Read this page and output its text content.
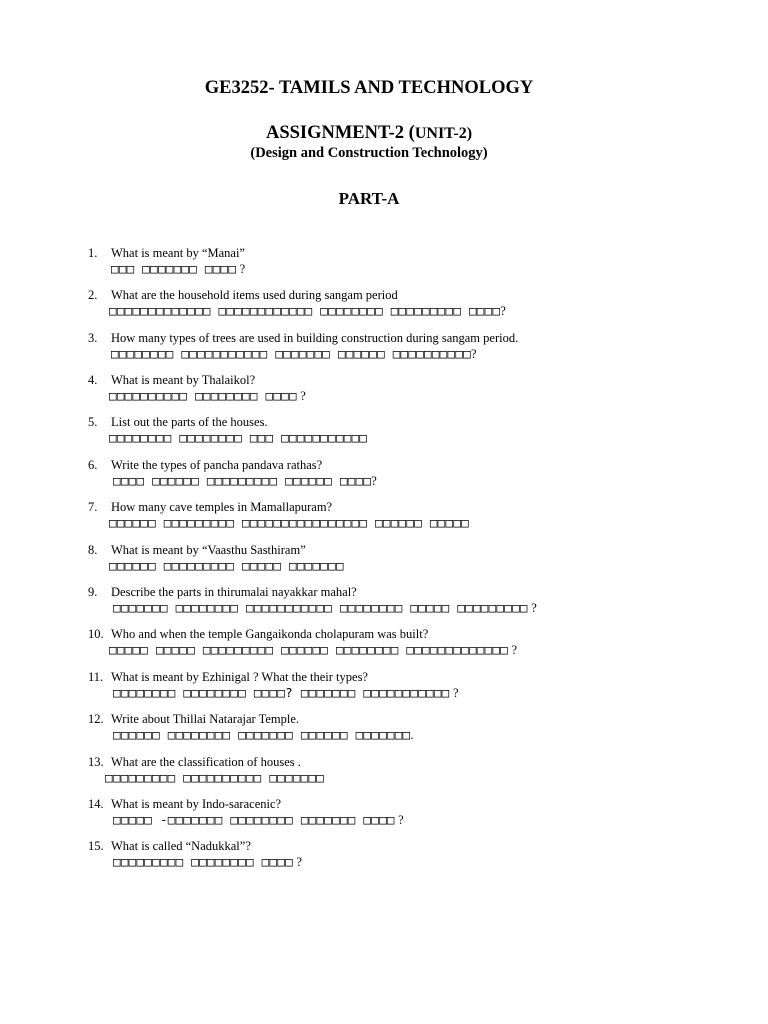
GE3252- TAMILS AND TECHNOLOGY
ASSIGNMENT-2 (UNIT-2)
(Design and Construction Technology)
PART-A
1. What is meant by “Manai”
□□□ □□□□□□□ □□□□ ?
2. What are the household items used during sangam period
□□□□□□□□□□□□□ □□□□□□□□□□□□ □□□□□□□□ □□□□□□□□□ □□□□?
3. How many types of trees are used in building construction during sangam period.
□□□□□□□□ □□□□□□□□□□□ □□□□□□□ □□□□□□ □□□□□□□□□□?
4. What is meant by Thalaikol?
□□□□□□□□□□ □□□□□□□□ □□□□ ?
5. List out the parts of the houses.
□□□□□□□□ □□□□□□□□ □□□ □□□□□□□□□□□
6. Write the types of pancha pandava rathas?
□□□□ □□□□□□ □□□□□□□□□ □□□□□□ □□□□?
7. How many cave temples in Mamallapuram?
□□□□□□ □□□□□□□□□ □□□□□□□□□□□□□□□□ □□□□□□ □□□□□
8. What is meant by “Vaasthu Sasthiram”
□□□□□□ □□□□□□□□□ □□□□□ □□□□□□□
9. Describe the parts in thirumalai nayakkar mahal?
□□□□□□□ □□□□□□□□ □□□□□□□□□□□ □□□□□□□□ □□□□□ □□□□□□□□□ ?
10. Who and when the temple Gangaikonda cholapuram was built?
□□□□□ □□□□□ □□□□□□□□□ □□□□□□ □□□□□□□□ □□□□□□□□□□□□□ ?
11. What is meant by Ezhinigal ? What the their types?
□□□□□□□□ □□□□□□□□ □□□□? □□□□□□□ □□□□□□□□□□□ ?
12. Write about Thillai Natarajar Temple.
□□□□□□ □□□□□□□□ □□□□□□□ □□□□□□ □□□□□□□.
13. What are the classification of houses .
□□□□□□□□□ □□□□□□□□□□ □□□□□□□
14. What is meant by Indo-saracenic?
□□□□□ -□□□□□□□ □□□□□□□□ □□□□□□□ □□□□ ?
15. What is called “Nadukkal”?
□□□□□□□□□ □□□□□□□□ □□□□ ?
